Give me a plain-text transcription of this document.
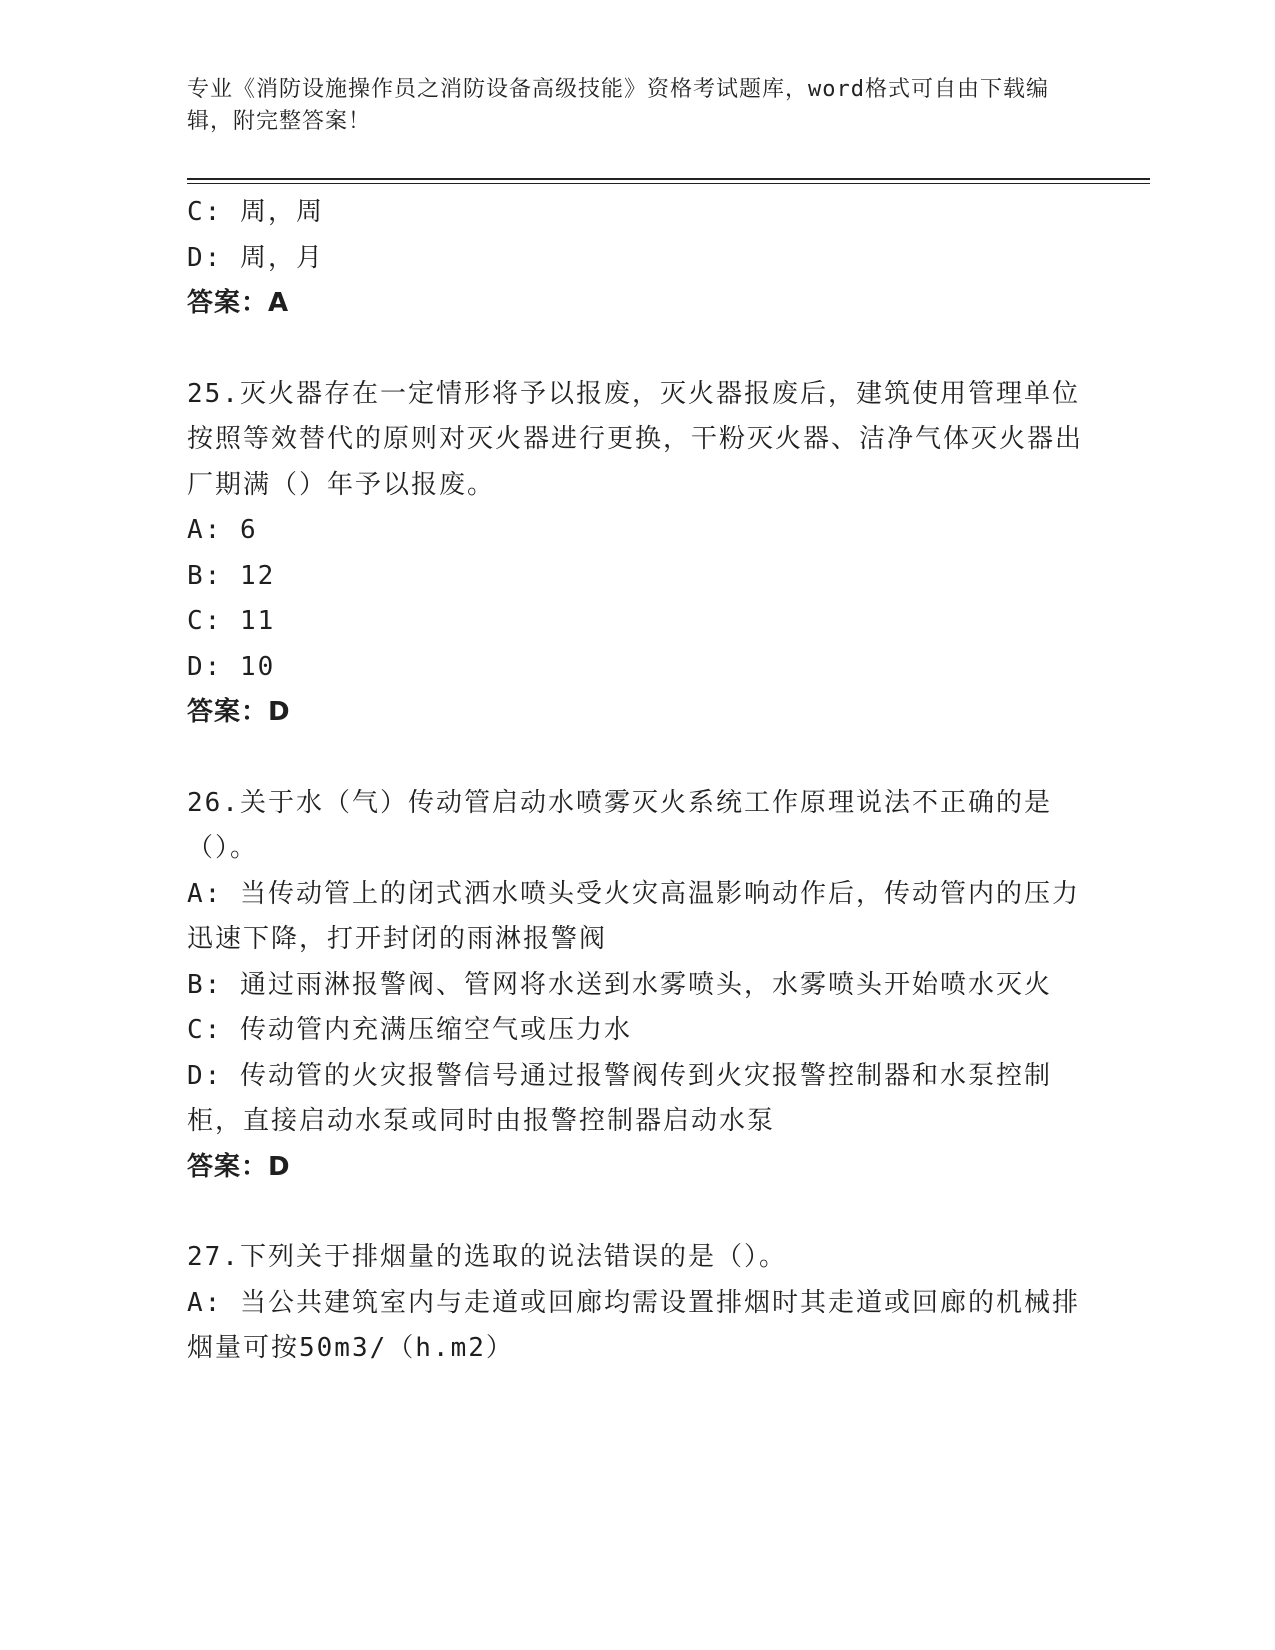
专业《消防设施操作员之消防设备高级技能》资格考试题库，word格式可自由下载编辑，附完整答案！

C: 周，周

D: 周，月

答案：A

25.灭火器存在一定情形将予以报废，灭火器报废后，建筑使用管理单位按照等效替代的原则对灭火器进行更换，干粉灭火器、洁净气体灭火器出厂期满（）年予以报废。

A: 6

B: 12

C: 11

D: 10

答案：D

26.关于水（气）传动管启动水喷雾灭火系统工作原理说法不正确的是（）。

A: 当传动管上的闭式洒水喷头受火灾高温影响动作后，传动管内的压力迅速下降，打开封闭的雨淋报警阀

B: 通过雨淋报警阀、管网将水送到水雾喷头，水雾喷头开始喷水灭火

C: 传动管内充满压缩空气或压力水

D: 传动管的火灾报警信号通过报警阀传到火灾报警控制器和水泵控制柜，直接启动水泵或同时由报警控制器启动水泵

答案：D

27.下列关于排烟量的选取的说法错误的是（）。

A: 当公共建筑室内与走道或回廊均需设置排烟时其走道或回廊的机械排烟量可按50m3/（h.m2）
